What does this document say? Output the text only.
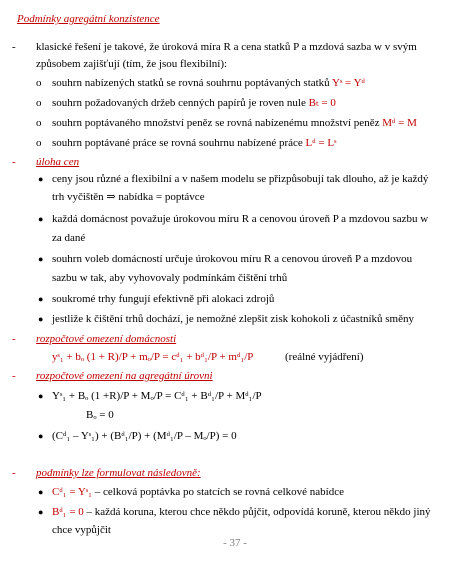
Podmínky agregátní konzistence
- klasické řešení je takové, že úroková míra R a cena statků P a mzdová sazba w v svým
způsobem zajišťují (tím, že jsou flexibilní):
o souhrn nabízených statků se rovná souhrnu poptávaných statků Yˢ = Yᵈ
o souhrn požadovaných držeb cenných papírů je roven nule Bₜ = 0
o souhrn poptávaného množství peněz se rovná nabízenému množství peněz Mᵈ = M
o souhrn poptávané práce se rovná souhrnu nabízené práce Lᵈ = Lˢ
- úloha cen
● ceny jsou různé a flexibilní a v našem modelu se přizpůsobují tak dlouho, až je každý
trh vyčištěn ⇒ nabídka = poptávce
● každá domácnost považuje úrokovou míru R a cenovou úroveň P a mzdovou sazbu w
za dané
● souhrn voleb domácností určuje úrokovou míru R a cenovou úroveň P a mzdovou
sazbu w tak, aby vyhovovaly podmínkám čištění trhů
● soukromé trhy fungují efektivně při alokaci zdrojů
● jestliže k čištění trhů dochází, je nemožné zlepšit zisk kohokoli z účastníků směny
- rozpočtové omezení domácnosti
yˢ₁ + bₒ (1 + R)/P + mₒ/P = cᵈ₁ + bᵈ₁/P + mᵈ₁/P	(reálné vyjádření)
- rozpočtové omezení na agregátní úrovni
● Yˢ₁ + Bₒ (1 +R)/P + Mₒ/P = Cᵈ₁ + Bᵈ₁/P + Mᵈ₁/P
Bₒ = 0
● (Cᵈ₁ – Yˢ₁) + (Bᵈ₁/P) + (Mᵈ₁/P – Mₒ/P) = 0
- podmínky lze formulovat následovně:
● Cᵈ₁ = Yˢ₁ – celková poptávka po statcích se rovná celkové nabídce
● Bᵈ₁ = 0 – každá koruna, kterou chce někdo půjčit, odpovídá koruně, kterou někdo jiný
chce vypůjčit
- 37 -
